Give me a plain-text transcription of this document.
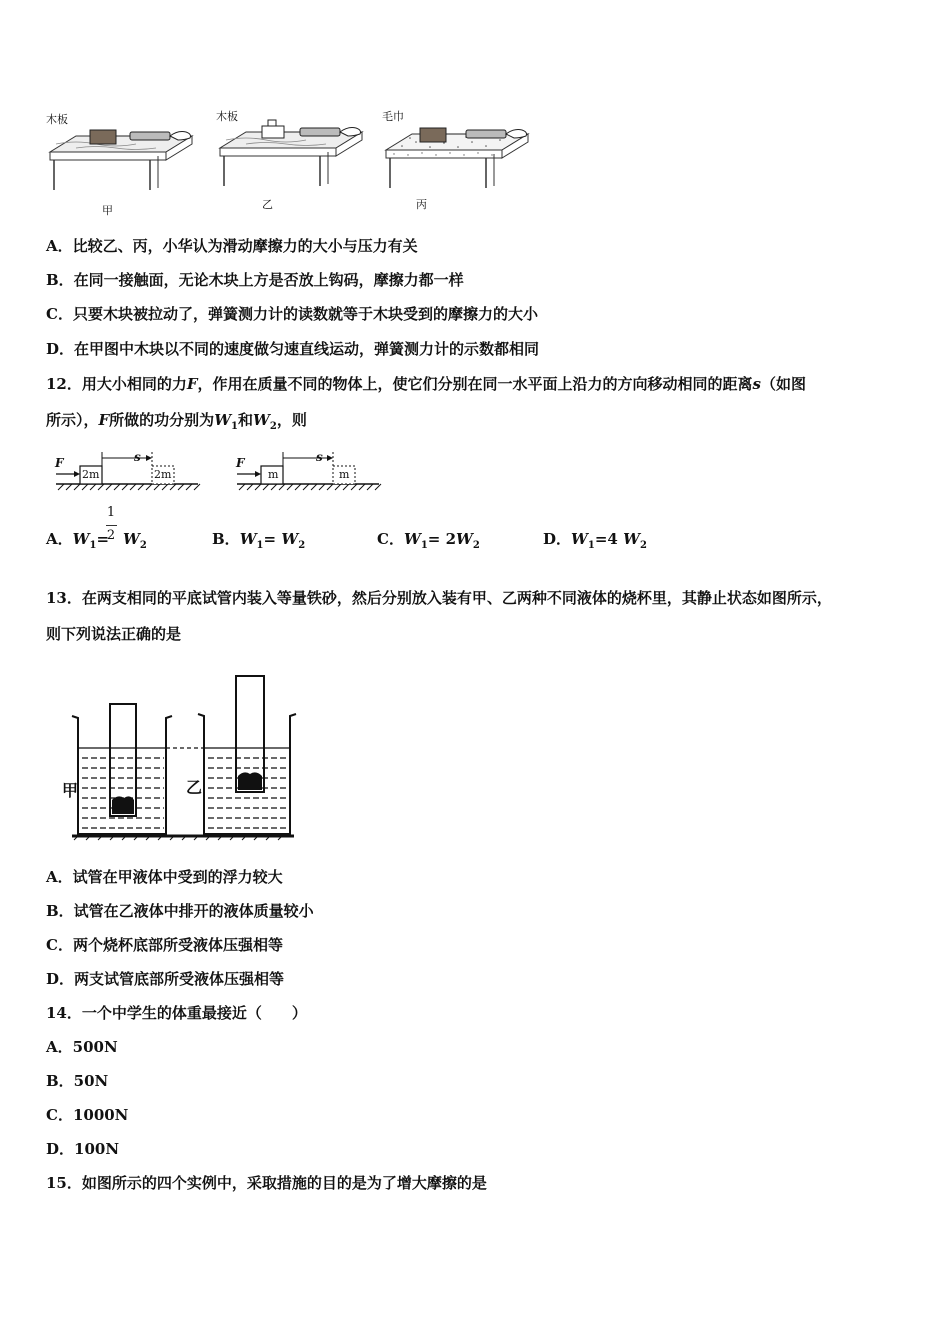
木板
甲
木板
乙
毛巾
丙
A．比较乙、丙，小华认为滑动摩擦力的大小与压力有关
B．在同一接触面，无论木块上方是否放上钩码，摩擦力都一样
C．只要木块被拉动了，弹簧测力计的读数就等于木块受到的摩擦力的大小
D．在甲图中木块以不同的速度做匀速直线运动，弹簧测力计的示数都相同
12．用大小相同的力F，作用在质量不同的物体上，使它们分别在同一水平面上沿力的方向移动相同的距离s（如图
所示），F所做的功分别为$W_1$和$W_2$，则
F	s
2m	2m
F	s
m	m
A．$W_1= W_2$
1
2	B．$W_1= W_2$	C．$W_1= 2W_2$	D．$W_1=4$ $W_2$
13．在两支相同的平底试管内装入等量铁砂，然后分别放入装有甲、乙两种不同液体的烧杯里，其静止状态如图所示，
则下列说法正确的是
甲	乙
A．试管在甲液体中受到的浮力较大
B．试管在乙液体中排开的液体质量较小
C．两个烧杯底部所受液体压强相等
D．两支试管底部所受液体压强相等
14．一个中学生的体重最接近（　　）
A．500N
B．50N
C．1000N
D．100N
15．如图所示的四个实例中，采取措施的目的是为了增大摩擦的是
